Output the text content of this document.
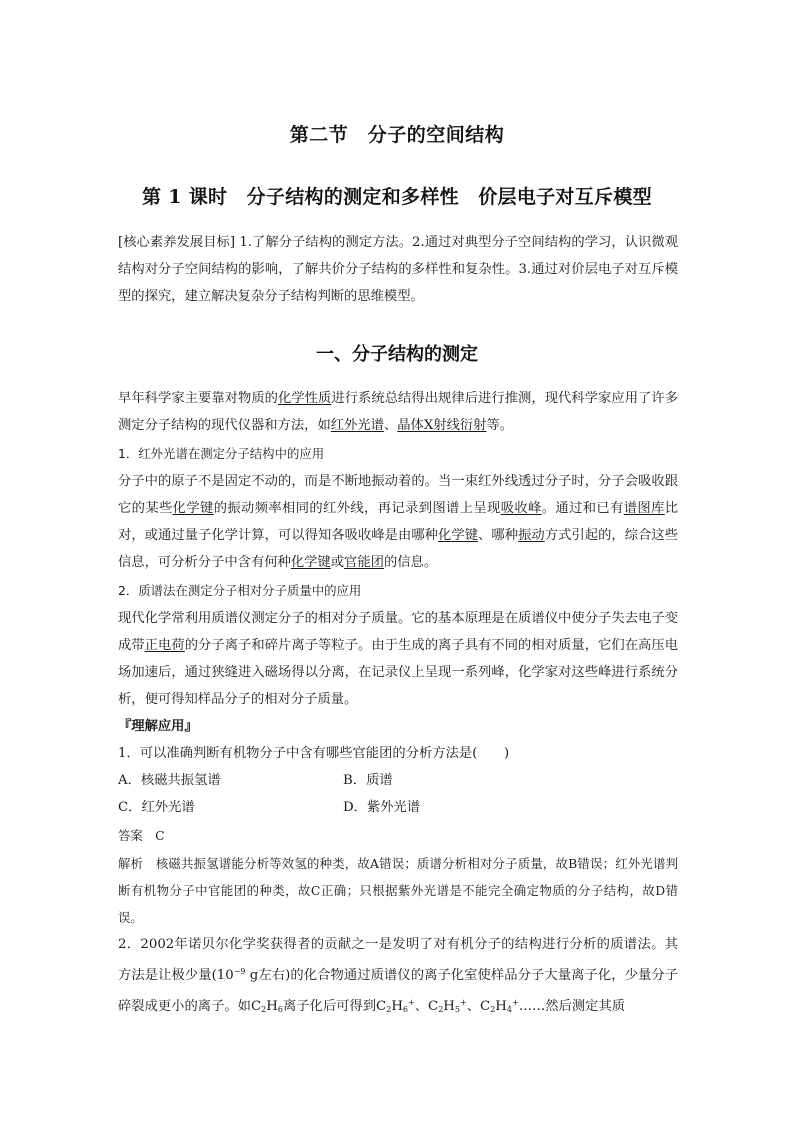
第二节　分子的空间结构
第 1 课时　分子结构的测定和多样性　价层电子对互斥模型
[核心素养发展目标] 1.了解分子结构的测定方法。2.通过对典型分子空间结构的学习，认识微观结构对分子空间结构的影响，了解共价分子结构的多样性和复杂性。3.通过对价层电子对互斥模型的探究，建立解决复杂分子结构判断的思维模型。
一、分子结构的测定
早年科学家主要靠对物质的化学性质进行系统总结得出规律后进行推测，现代科学家应用了许多测定分子结构的现代仪器和方法，如红外光谱、晶体X射线衍射等。
1．红外光谱在测定分子结构中的应用
分子中的原子不是固定不动的，而是不断地振动着的。当一束红外线透过分子时，分子会吸收跟它的某些化学键的振动频率相同的红外线，再记录到图谱上呈现吸收峰。通过和已有谱图库比对，或通过量子化学计算，可以得知各吸收峰是由哪种化学键、哪种振动方式引起的，综合这些信息，可分析分子中含有何种化学键或官能团的信息。
2．质谱法在测定分子相对分子质量中的应用
现代化学常利用质谱仪测定分子的相对分子质量。它的基本原理是在质谱仪中使分子失去电子变成带正电荷的分子离子和碎片离子等粒子。由于生成的离子具有不同的相对质量，它们在高压电场加速后，通过狭缝进入磁场得以分离，在记录仪上呈现一系列峰，化学家对这些峰进行系统分析，便可得知样品分子的相对分子质量。
『理解应用』
1．可以准确判断有机物分子中含有哪些官能团的分析方法是(　　)
A．核磁共振氢谱	B．质谱
C．红外光谱	D．紫外光谱
答案　 C
解析　 核磁共振氢谱能分析等效氢的种类，故A错误；质谱分析相对分子质量，故B错误；红外光谱判断有机物分子中官能团的种类，故C正确；只根据紫外光谱是不能完全确定物质的分子结构，故D错误。
2．2002年诺贝尔化学奖获得者的贡献之一是发明了对有机分子的结构进行分析的质谱法。其方法是让极少量($10^{-9}$ g左右)的化合物通过质谱仪的离子化室使样品分子大量离子化，少量分子碎裂成更小的离子。如$C_2H_6$离子化后可得到$C_2H_6^+$、$C_2H_5^+$、$C_2H_4^+\dots\dots$然后测定其质
